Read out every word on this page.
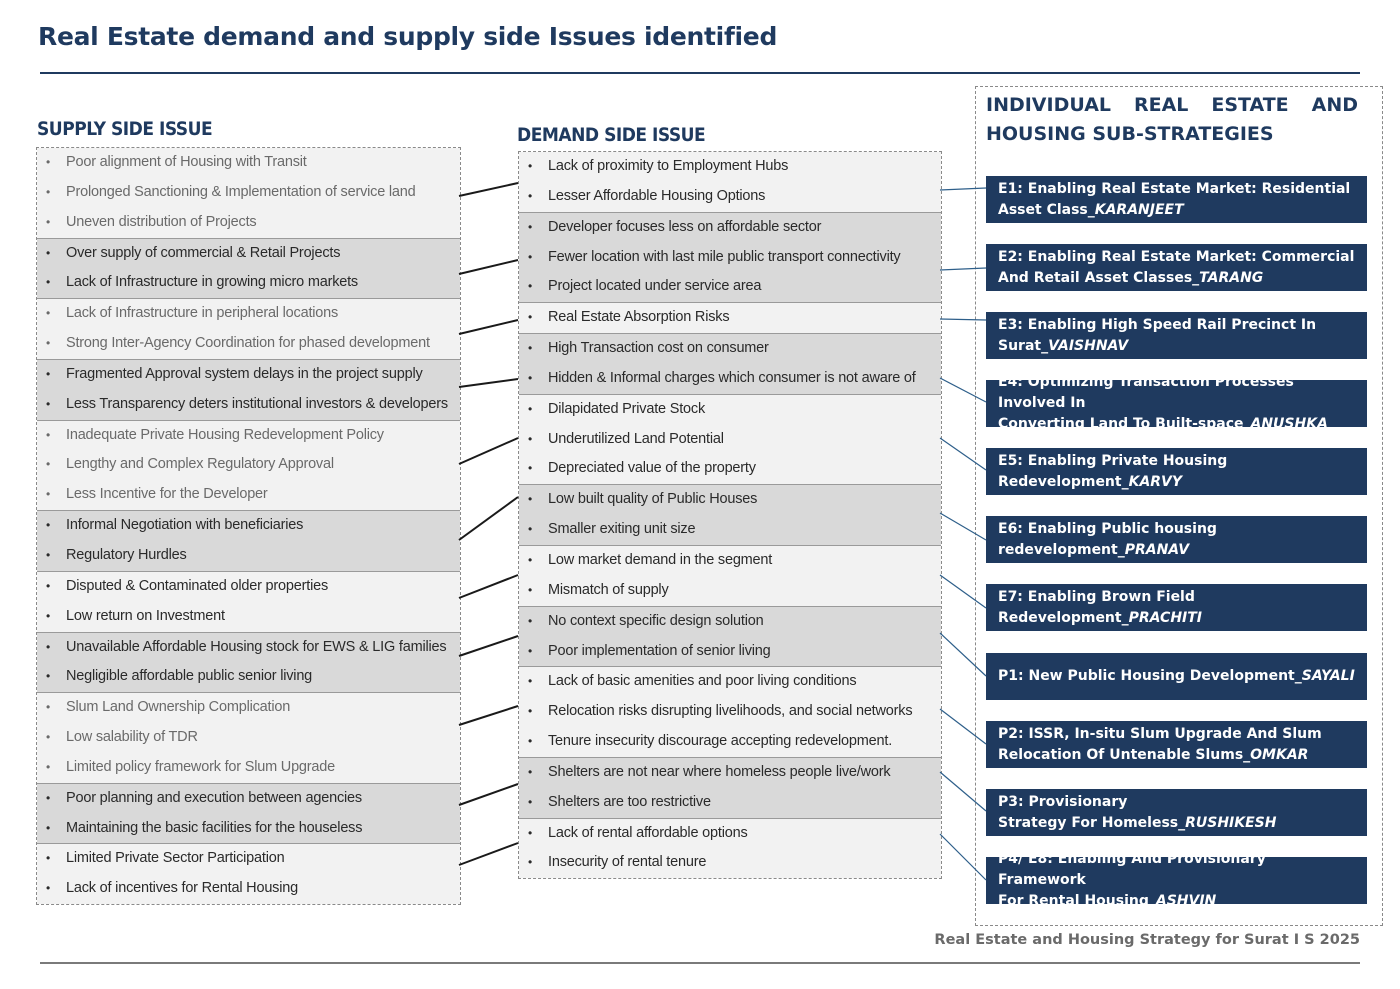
Real Estate demand and supply side Issues identified
SUPPLY SIDE ISSUE	DEMAND SIDE ISSUE
• Poor alignment of Housing with Transit
• Prolonged Sanctioning & Implementation of service land
• Uneven distribution of Projects
• Over supply of commercial & Retail Projects
• Lack of Infrastructure in growing micro markets
• Lack of Infrastructure in peripheral locations
• Strong Inter-Agency Coordination for phased development
• Fragmented Approval system delays in the project supply
• Less Transparency deters institutional investors & developers
• Inadequate Private Housing Redevelopment Policy
• Lengthy and Complex Regulatory Approval
• Less Incentive for the Developer
• Informal Negotiation with beneficiaries
• Regulatory Hurdles
• Disputed & Contaminated older properties
• Low return on Investment
• Unavailable Affordable Housing stock for EWS & LIG families
• Negligible affordable public senior living
• Slum Land Ownership Complication
• Low salability of TDR
• Limited policy framework for Slum Upgrade
• Poor planning and execution between agencies
• Maintaining the basic facilities for the houseless
• Limited Private Sector Participation
• Lack of incentives for Rental Housing
• Lack of proximity to Employment Hubs
• Lesser Affordable Housing Options
• Developer focuses less on affordable sector
• Fewer location with last mile public transport connectivity
• Project located under service area
• Real Estate Absorption Risks
• High Transaction cost on consumer
• Hidden & Informal charges which consumer is not aware of
• Dilapidated Private Stock
• Underutilized Land Potential
• Depreciated value of the property
• Low built quality of Public Houses
• Smaller exiting unit size
• Low market demand in the segment
• Mismatch of supply
• No context specific design solution
• Poor implementation of senior living
• Lack of basic amenities and poor living conditions
• Relocation risks disrupting livelihoods, and social networks
• Tenure insecurity discourage accepting redevelopment.
• Shelters are not near where homeless people live/work
• Shelters are too restrictive
• Lack of rental affordable options
• Insecurity of rental tenure
INDIVIDUAL REAL ESTATE AND
HOUSING SUB-STRATEGIES
E1: Enabling Real Estate Market: Residential
Asset Class_KARANJEET
E2: Enabling Real Estate Market: Commercial
And Retail Asset Classes_TARANG
E3: Enabling High Speed Rail Precinct In
Surat_VAISHNAV
E4: Optimizing Transaction Processes Involved In
Converting Land To Built-space_ANUSHKA
E5: Enabling Private Housing
Redevelopment_KARVY
E6: Enabling Public housing
redevelopment_PRANAV
E7: Enabling Brown Field
Redevelopment_PRACHITI
P1: New Public Housing Development_SAYALI
P2: ISSR, In-situ Slum Upgrade And Slum
Relocation Of Untenable Slums_OMKAR
P3: Provisionary
Strategy For Homeless_RUSHIKESH
P4/ E8: Enabling And Provisionary Framework
For Rental Housing_ASHVIN
Real Estate and Housing Strategy for Surat I S 2025
